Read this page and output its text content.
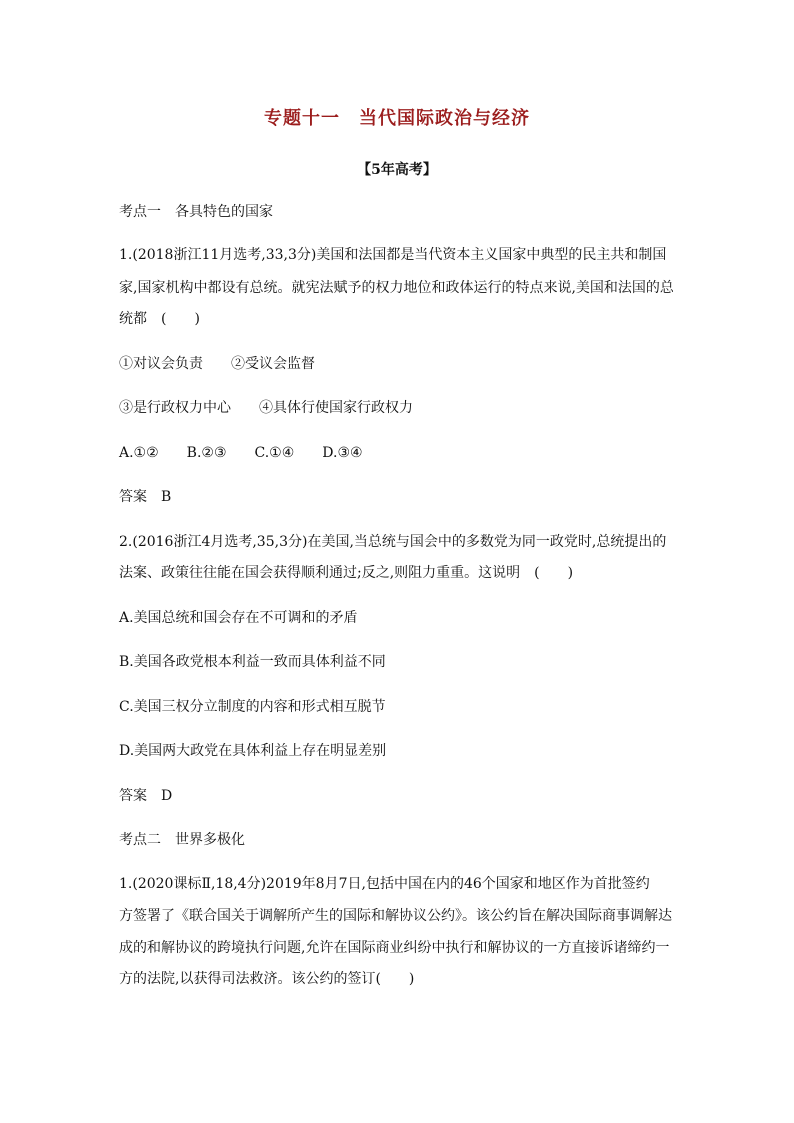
专题十一　当代国际政治与经济
【5年高考】
考点一　各具特色的国家
1.(2018浙江11月选考,33,3分)美国和法国都是当代资本主义国家中典型的民主共和制国
家,国家机构中都设有总统。就宪法赋予的权力地位和政体运行的特点来说,美国和法国的总
统都　(　　)
①对议会负责　　②受议会监督
③是行政权力中心　　④具体行使国家行政权力
A.①②　　B.②③　　C.①④　　D.③④
答案　B
2.(2016浙江4月选考,35,3分)在美国,当总统与国会中的多数党为同一政党时,总统提出的
法案、政策往往能在国会获得顺利通过;反之,则阻力重重。这说明　(　　)
A.美国总统和国会存在不可调和的矛盾
B.美国各政党根本利益一致而具体利益不同
C.美国三权分立制度的内容和形式相互脱节
D.美国两大政党在具体利益上存在明显差别
答案　D
考点二　世界多极化
1.(2020课标Ⅱ,18,4分)2019年8月7日,包括中国在内的46个国家和地区作为首批签约
方签署了《联合国关于调解所产生的国际和解协议公约》。该公约旨在解决国际商事调解达
成的和解协议的跨境执行问题,允许在国际商业纠纷中执行和解协议的一方直接诉诸缔约一
方的法院,以获得司法救济。该公约的签订(　　)
